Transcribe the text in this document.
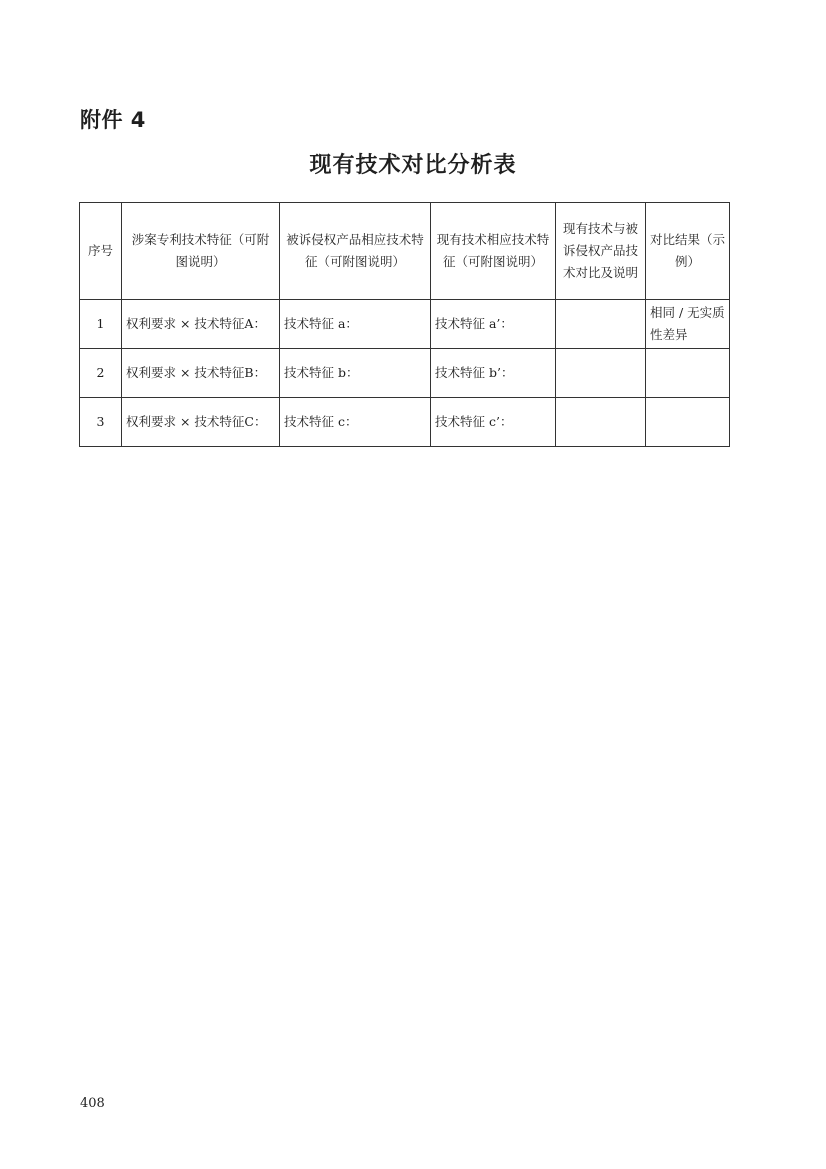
附件 4
现有技术对比分析表
序号	涉案专利技术特征（可附图说明）	被诉侵权产品相应技术特征（可附图说明）	现有技术相应技术特征（可附图说明）	现有技术与被诉侵权产品技术对比及说明	对比结果（示例）
1	权利要求 × 技术特征A：	技术特征 a：	技术特征 a’：		相同 / 无实质性差异
2	权利要求 × 技术特征B：	技术特征 b：	技术特征 b’：		
3	权利要求 × 技术特征C：	技术特征 c：	技术特征 c’：		
408
